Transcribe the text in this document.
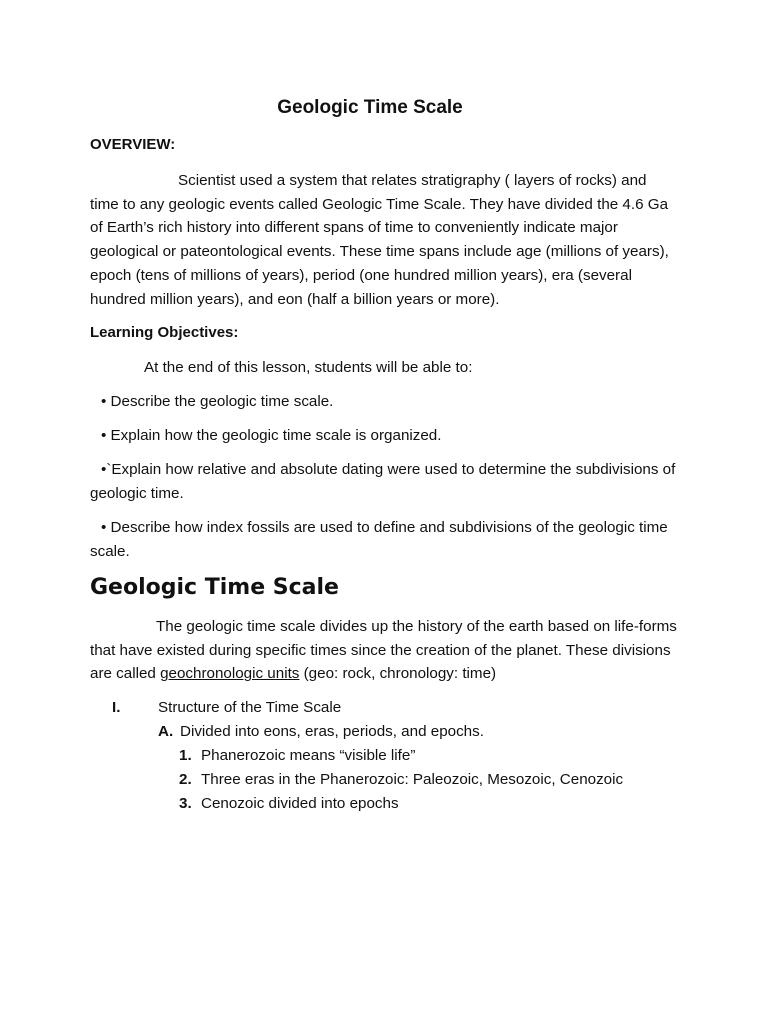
Geologic Time Scale
OVERVIEW:
Scientist used a system that relates stratigraphy ( layers of rocks) and time to any geologic events called Geologic Time Scale. They have divided the 4.6 Ga of Earth’s rich history into different spans of time to conveniently indicate major geological or pateontological events. These time spans include age (millions of years), epoch (tens of millions of years), period (one hundred million years), era (several hundred million years), and eon (half a billion years or more).
Learning Objectives:
At the end of this lesson, students will be able to:
• Describe the geologic time scale.
• Explain how the geologic time scale is organized.
•`Explain how relative and absolute dating were used to determine the subdivisions of geologic time.
• Describe how index fossils are used to define and subdivisions of the geologic time scale.
Geologic Time Scale
The geologic time scale divides up the history of the earth based on life-forms that have existed during specific times since the creation of the planet. These divisions are called geochronologic units (geo: rock, chronology: time)
I. Structure of the Time Scale
A. Divided into eons, eras, periods, and epochs.
1. Phanerozoic means “visible life”
2. Three eras in the Phanerozoic: Paleozoic, Mesozoic, Cenozoic
3. Cenozoic divided into epochs
